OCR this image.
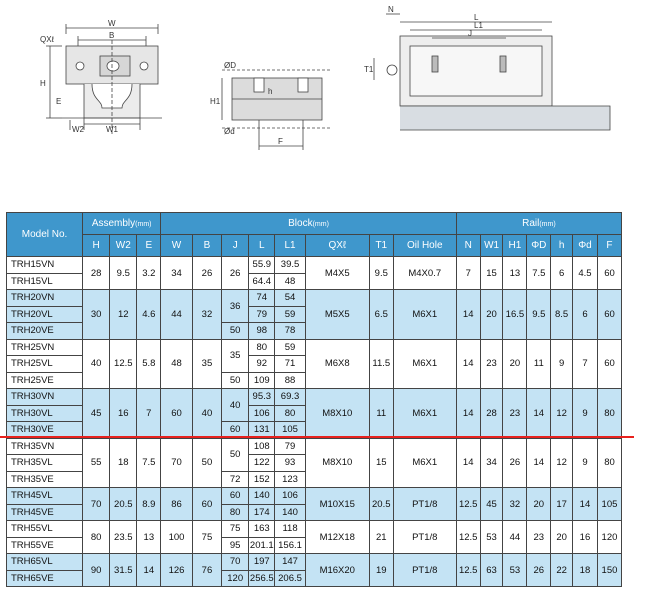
W
B
QXℓ
H
E
W2	W1
ØD
H1
Ød
h
F
N
L
L1
J
T1
Model No.	Assembly(mm)			Block(mm)								Rail(mm)						
	H	W2	E	W	B	J	L	L1	QXℓ	T1	Oil Hole	N	W1	H1	ΦD	h	Φd	F
TRH15VN	28	9.5	3.2	34	26	26	55.9	39.5	M4X5	9.5	M4X0.7	7	15	13	7.5	6	4.5	60
TRH15VL							64.4	48										
TRH20VN	30	12	4.6	44	32	36	74	54	M5X5	6.5	M6X1	14	20	16.5	9.5	8.5	6	60
TRH20VL							79	59										
TRH20VE						50	98	78										
TRH25VN	40	12.5	5.8	48	35	35	80	59	M6X8	11.5	M6X1	14	23	20	11	9	7	60
TRH25VL							92	71										
TRH25VE						50	109	88										
TRH30VN	45	16	7	60	40	40	95.3	69.3	M8X10	11	M6X1	14	28	23	14	12	9	80
TRH30VL							106	80										
TRH30VE						60	131	105										
TRH35VN	55	18	7.5	70	50	50	108	79	M8X10	15	M6X1	14	34	26	14	12	9	80
TRH35VL							122	93										
TRH35VE						72	152	123										
TRH45VL	70	20.5	8.9	86	60	60	140	106	M10X15	20.5	PT1/8	12.5	45	32	20	17	14	105
TRH45VE						80	174	140										
TRH55VL	80	23.5	13	100	75	75	163	118	M12X18	21	PT1/8	12.5	53	44	23	20	16	120
TRH55VE						95	201.1	156.1										
TRH65VL	90	31.5	14	126	76	70	197	147	M16X20	19	PT1/8	12.5	63	53	26	22	18	150
TRH65VE						120	256.5	206.5										
